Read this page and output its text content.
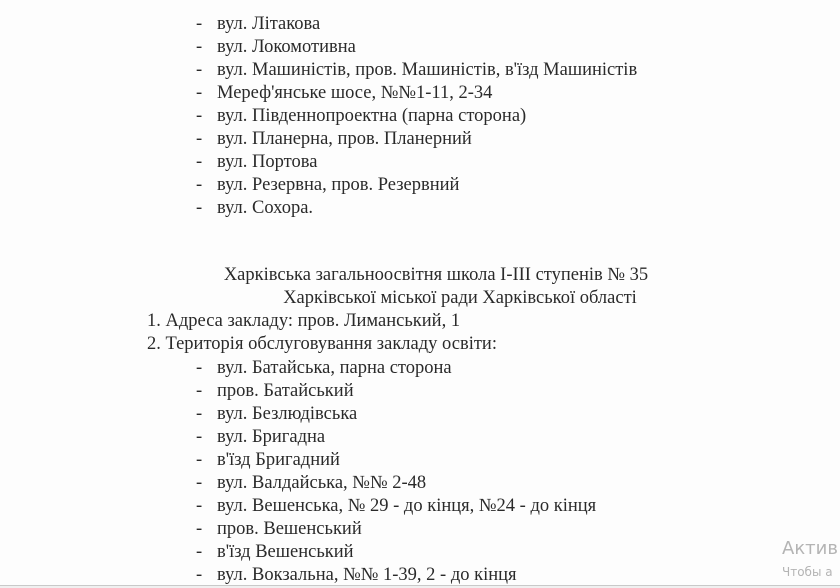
- вул. Літакова
- вул. Локомотивна
- вул. Машиністів, пров. Машиністів, в'їзд Машиністів
- Мереф'янське шосе, №№1-11, 2-34
- вул. Південнопроектна (парна сторона)
- вул. Планерна, пров. Планерний
- вул. Портова
- вул. Резервна, пров. Резервний
- вул. Сохора.
Харківська загальноосвітня школа І-ІІІ ступенів № 35
Харківської міської ради Харківської області
1. Адреса закладу: пров. Лиманський, 1
2. Територія обслуговування закладу освіти:
- вул. Батайська, парна сторона
- пров. Батайський
- вул. Безлюдівська
- вул. Бригадна
- в'їзд Бригадний
- вул. Валдайська, №№ 2-48
- вул. Вешенська, № 29 - до кінця, №24 - до кінця
- пров. Вешенський
- в'їзд Вешенський
- вул. Вокзальна, №№ 1-39, 2 - до кінця
Актив
Чтобы а
